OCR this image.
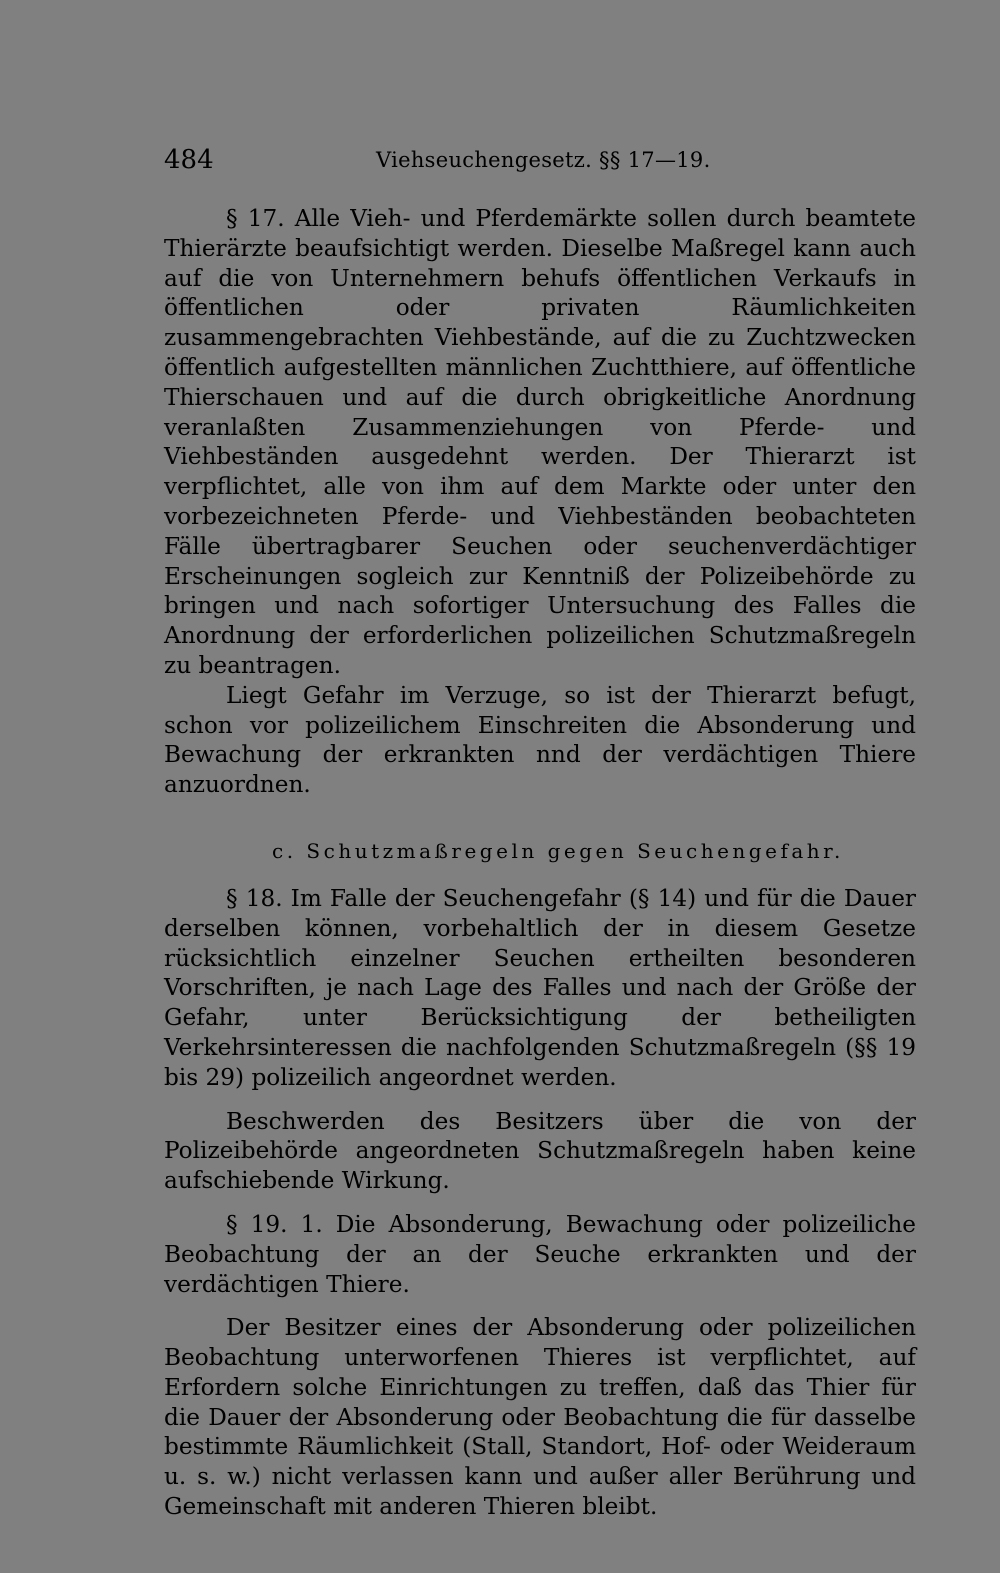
484	Viehseuchengesetz. §§ 17—19.

§ 17. Alle Vieh- und Pferdemärkte sollen durch beamtete Thierärzte beaufsichtigt werden. Dieselbe Maßregel kann auch auf die von Unternehmern behufs öffentlichen Verkaufs in öffentlichen oder privaten Räumlichkeiten zusammengebrachten Viehbestände, auf die zu Zuchtzwecken öffentlich aufgestellten männlichen Zuchtthiere, auf öffentliche Thierschauen und auf die durch obrigkeitliche Anordnung veranlaßten Zusammenziehungen von Pferde- und Viehbeständen ausgedehnt werden. Der Thierarzt ist verpflichtet, alle von ihm auf dem Markte oder unter den vorbezeichneten Pferde- und Viehbeständen beobachteten Fälle übertragbarer Seuchen oder seuchenverdächtiger Erscheinungen sogleich zur Kenntniß der Polizeibehörde zu bringen und nach sofortiger Untersuchung des Falles die Anordnung der erforderlichen polizeilichen Schutzmaßregeln zu beantragen.

Liegt Gefahr im Verzuge, so ist der Thierarzt befugt, schon vor polizeilichem Einschreiten die Absonderung und Bewachung der erkrankten nnd der verdächtigen Thiere anzuordnen.

c. Schutzmaßregeln gegen Seuchengefahr.

§ 18. Im Falle der Seuchengefahr (§ 14) und für die Dauer derselben können, vorbehaltlich der in diesem Gesetze rücksichtlich einzelner Seuchen ertheilten besonderen Vorschriften, je nach Lage des Falles und nach der Größe der Gefahr, unter Berücksichtigung der betheiligten Verkehrsinteressen die nachfolgenden Schutzmaßregeln (§§ 19 bis 29) polizeilich angeordnet werden.

Beschwerden des Besitzers über die von der Polizeibehörde angeordneten Schutzmaßregeln haben keine aufschiebende Wirkung.

§ 19. 1. Die Absonderung, Bewachung oder polizeiliche Beobachtung der an der Seuche erkrankten und der verdächtigen Thiere.

Der Besitzer eines der Absonderung oder polizeilichen Beobachtung unterworfenen Thieres ist verpflichtet, auf Erfordern solche Einrichtungen zu treffen, daß das Thier für die Dauer der Absonderung oder Beobachtung die für dasselbe bestimmte Räumlichkeit (Stall, Standort, Hof- oder Weideraum u. s. w.) nicht verlassen kann und außer aller Berührung und Gemeinschaft mit anderen Thieren bleibt.
